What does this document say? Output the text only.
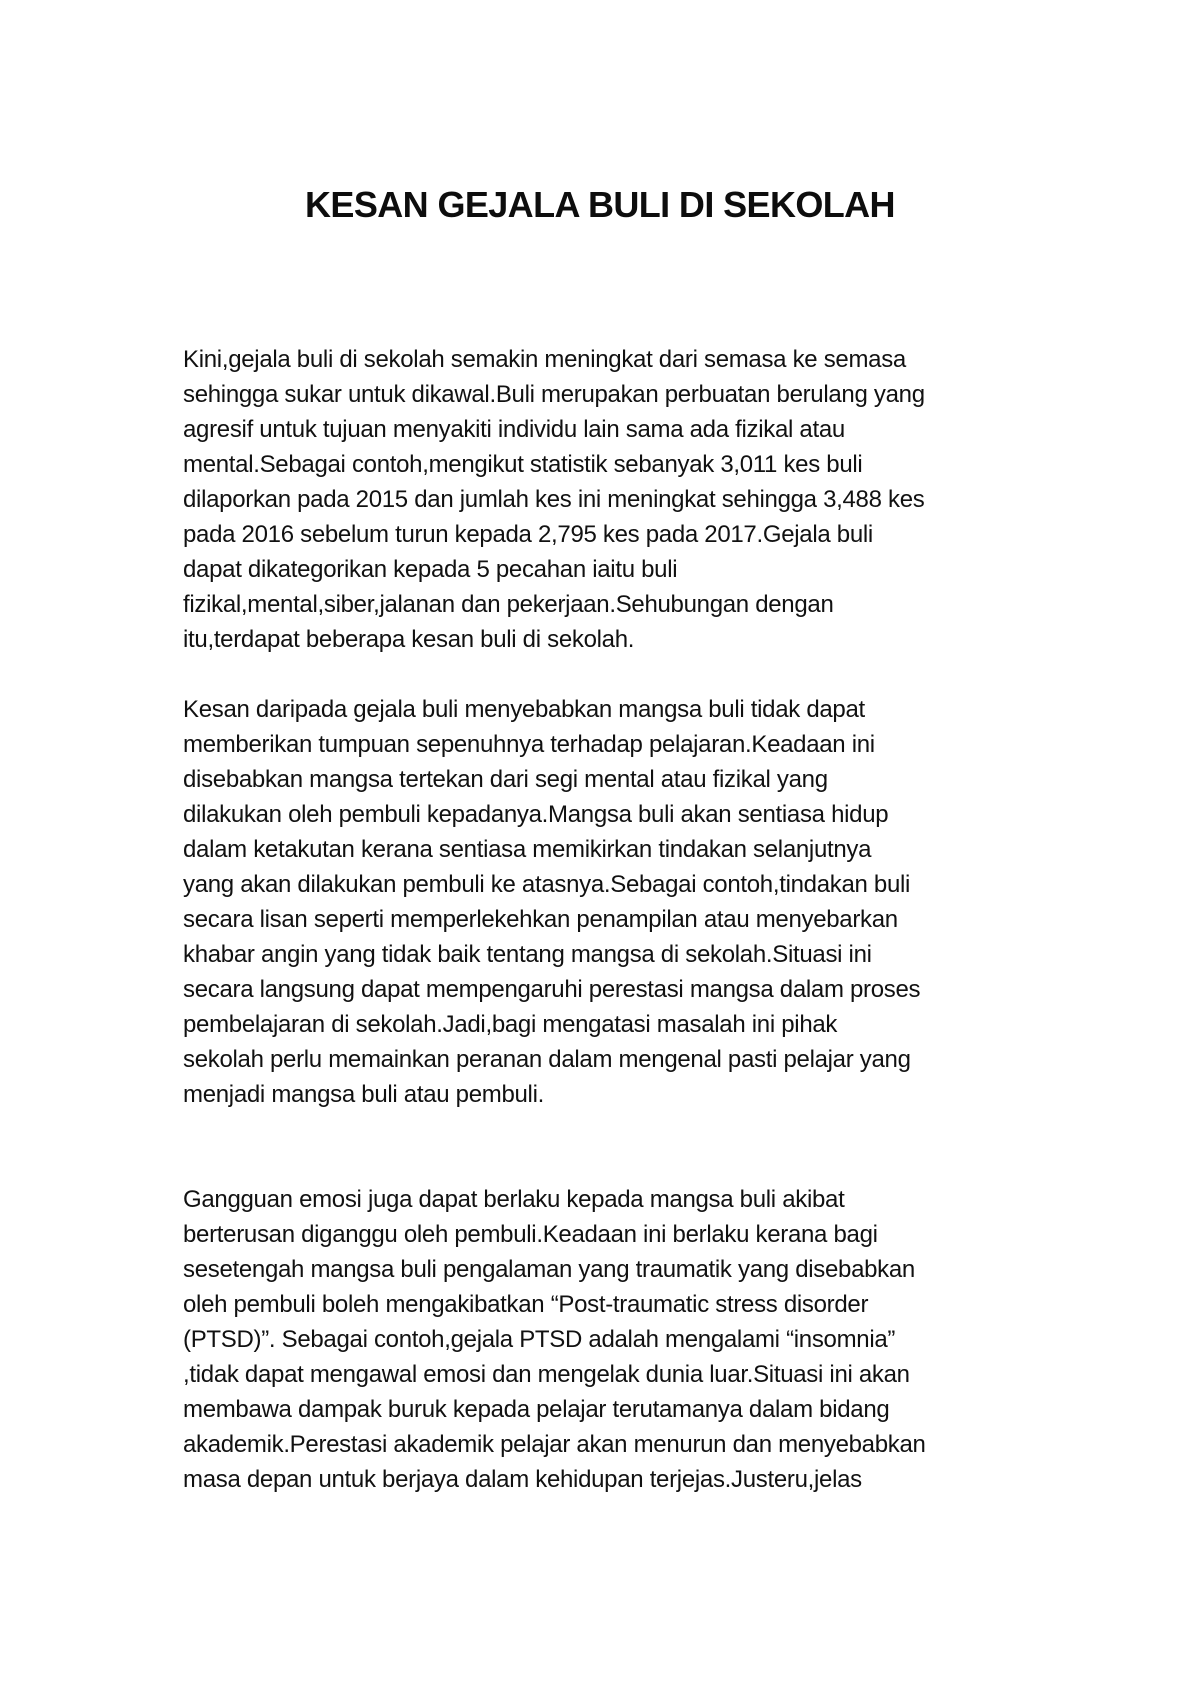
KESAN GEJALA BULI DI SEKOLAH
Kini,gejala buli di sekolah semakin meningkat dari semasa ke semasa
sehingga sukar untuk dikawal.Buli merupakan perbuatan berulang yang
agresif untuk tujuan menyakiti individu lain sama ada fizikal atau
mental.Sebagai contoh,mengikut statistik sebanyak 3,011 kes buli
dilaporkan pada 2015 dan jumlah kes ini meningkat sehingga 3,488 kes
pada 2016 sebelum turun kepada 2,795 kes pada 2017.Gejala buli
dapat dikategorikan kepada 5 pecahan iaitu buli
fizikal,mental,siber,jalanan dan pekerjaan.Sehubungan dengan
itu,terdapat beberapa kesan buli di sekolah.
Kesan daripada gejala buli menyebabkan mangsa buli tidak dapat
memberikan tumpuan sepenuhnya terhadap pelajaran.Keadaan ini
disebabkan mangsa tertekan dari segi mental atau fizikal yang
dilakukan oleh pembuli kepadanya.Mangsa buli akan sentiasa hidup
dalam ketakutan kerana sentiasa memikirkan tindakan selanjutnya
yang akan dilakukan pembuli ke atasnya.Sebagai contoh,tindakan buli
secara lisan seperti memperlekehkan penampilan atau menyebarkan
khabar angin yang tidak baik tentang mangsa di sekolah.Situasi ini
secara langsung dapat mempengaruhi perestasi mangsa dalam proses
pembelajaran di sekolah.Jadi,bagi mengatasi masalah ini pihak
sekolah perlu memainkan peranan dalam mengenal pasti pelajar yang
menjadi mangsa buli atau pembuli.
Gangguan emosi juga dapat berlaku kepada mangsa buli akibat
berterusan diganggu oleh pembuli.Keadaan ini berlaku kerana bagi
sesetengah mangsa buli pengalaman yang traumatik yang disebabkan
oleh pembuli boleh mengakibatkan “Post-traumatic stress disorder
(PTSD)”. Sebagai contoh,gejala PTSD adalah mengalami “insomnia”
,tidak dapat mengawal emosi dan mengelak dunia luar.Situasi ini akan
membawa dampak buruk kepada pelajar terutamanya dalam bidang
akademik.Perestasi akademik pelajar akan menurun dan menyebabkan
masa depan untuk berjaya dalam kehidupan terjejas.Justeru,jelas
